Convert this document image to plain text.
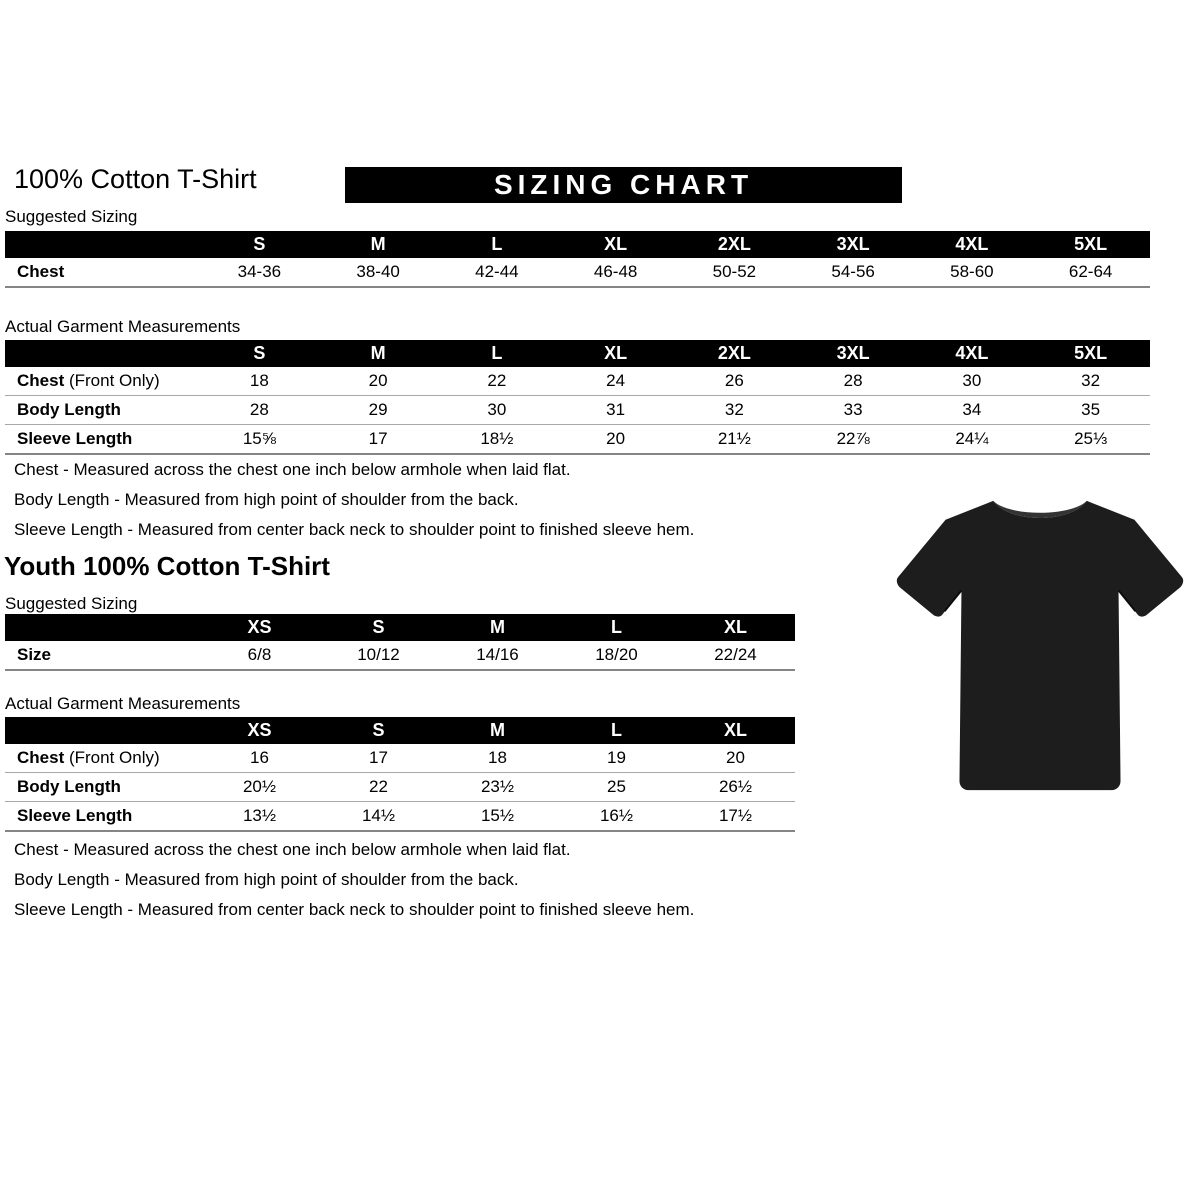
100% Cotton T-Shirt	SIZING CHART
Suggested Sizing
	S	M	L	XL	2XL	3XL	4XL	5XL
Chest	34-36	38-40	42-44	46-48	50-52	54-56	58-60	62-64
Actual Garment Measurements
	S	M	L	XL	2XL	3XL	4XL	5XL
Chest (Front Only)	18	20	22	24	26	28	30	32
Body Length	28	29	30	31	32	33	34	35
Sleeve Length	15⅝	17	18½	20	21½	22⅞	24¼	25⅓

Chest - Measured across the chest one inch below armhole when laid flat.

Body Length - Measured from high point of shoulder from the back.

Sleeve Length - Measured from center back neck to shoulder point to finished sleeve hem.

Youth 100% Cotton T-Shirt
Suggested Sizing
	XS	S	M	L	XL
Size	6/8	10/12	14/16	18/20	22/24
Actual Garment Measurements
	XS	S	M	L	XL
Chest (Front Only)	16	17	18	19	20
Body Length	20½	22	23½	25	26½
Sleeve Length	13½	14½	15½	16½	17½

Chest - Measured across the chest one inch below armhole when laid flat.

Body Length - Measured from high point of shoulder from the back.

Sleeve Length - Measured from center back neck to shoulder point to finished sleeve hem.
